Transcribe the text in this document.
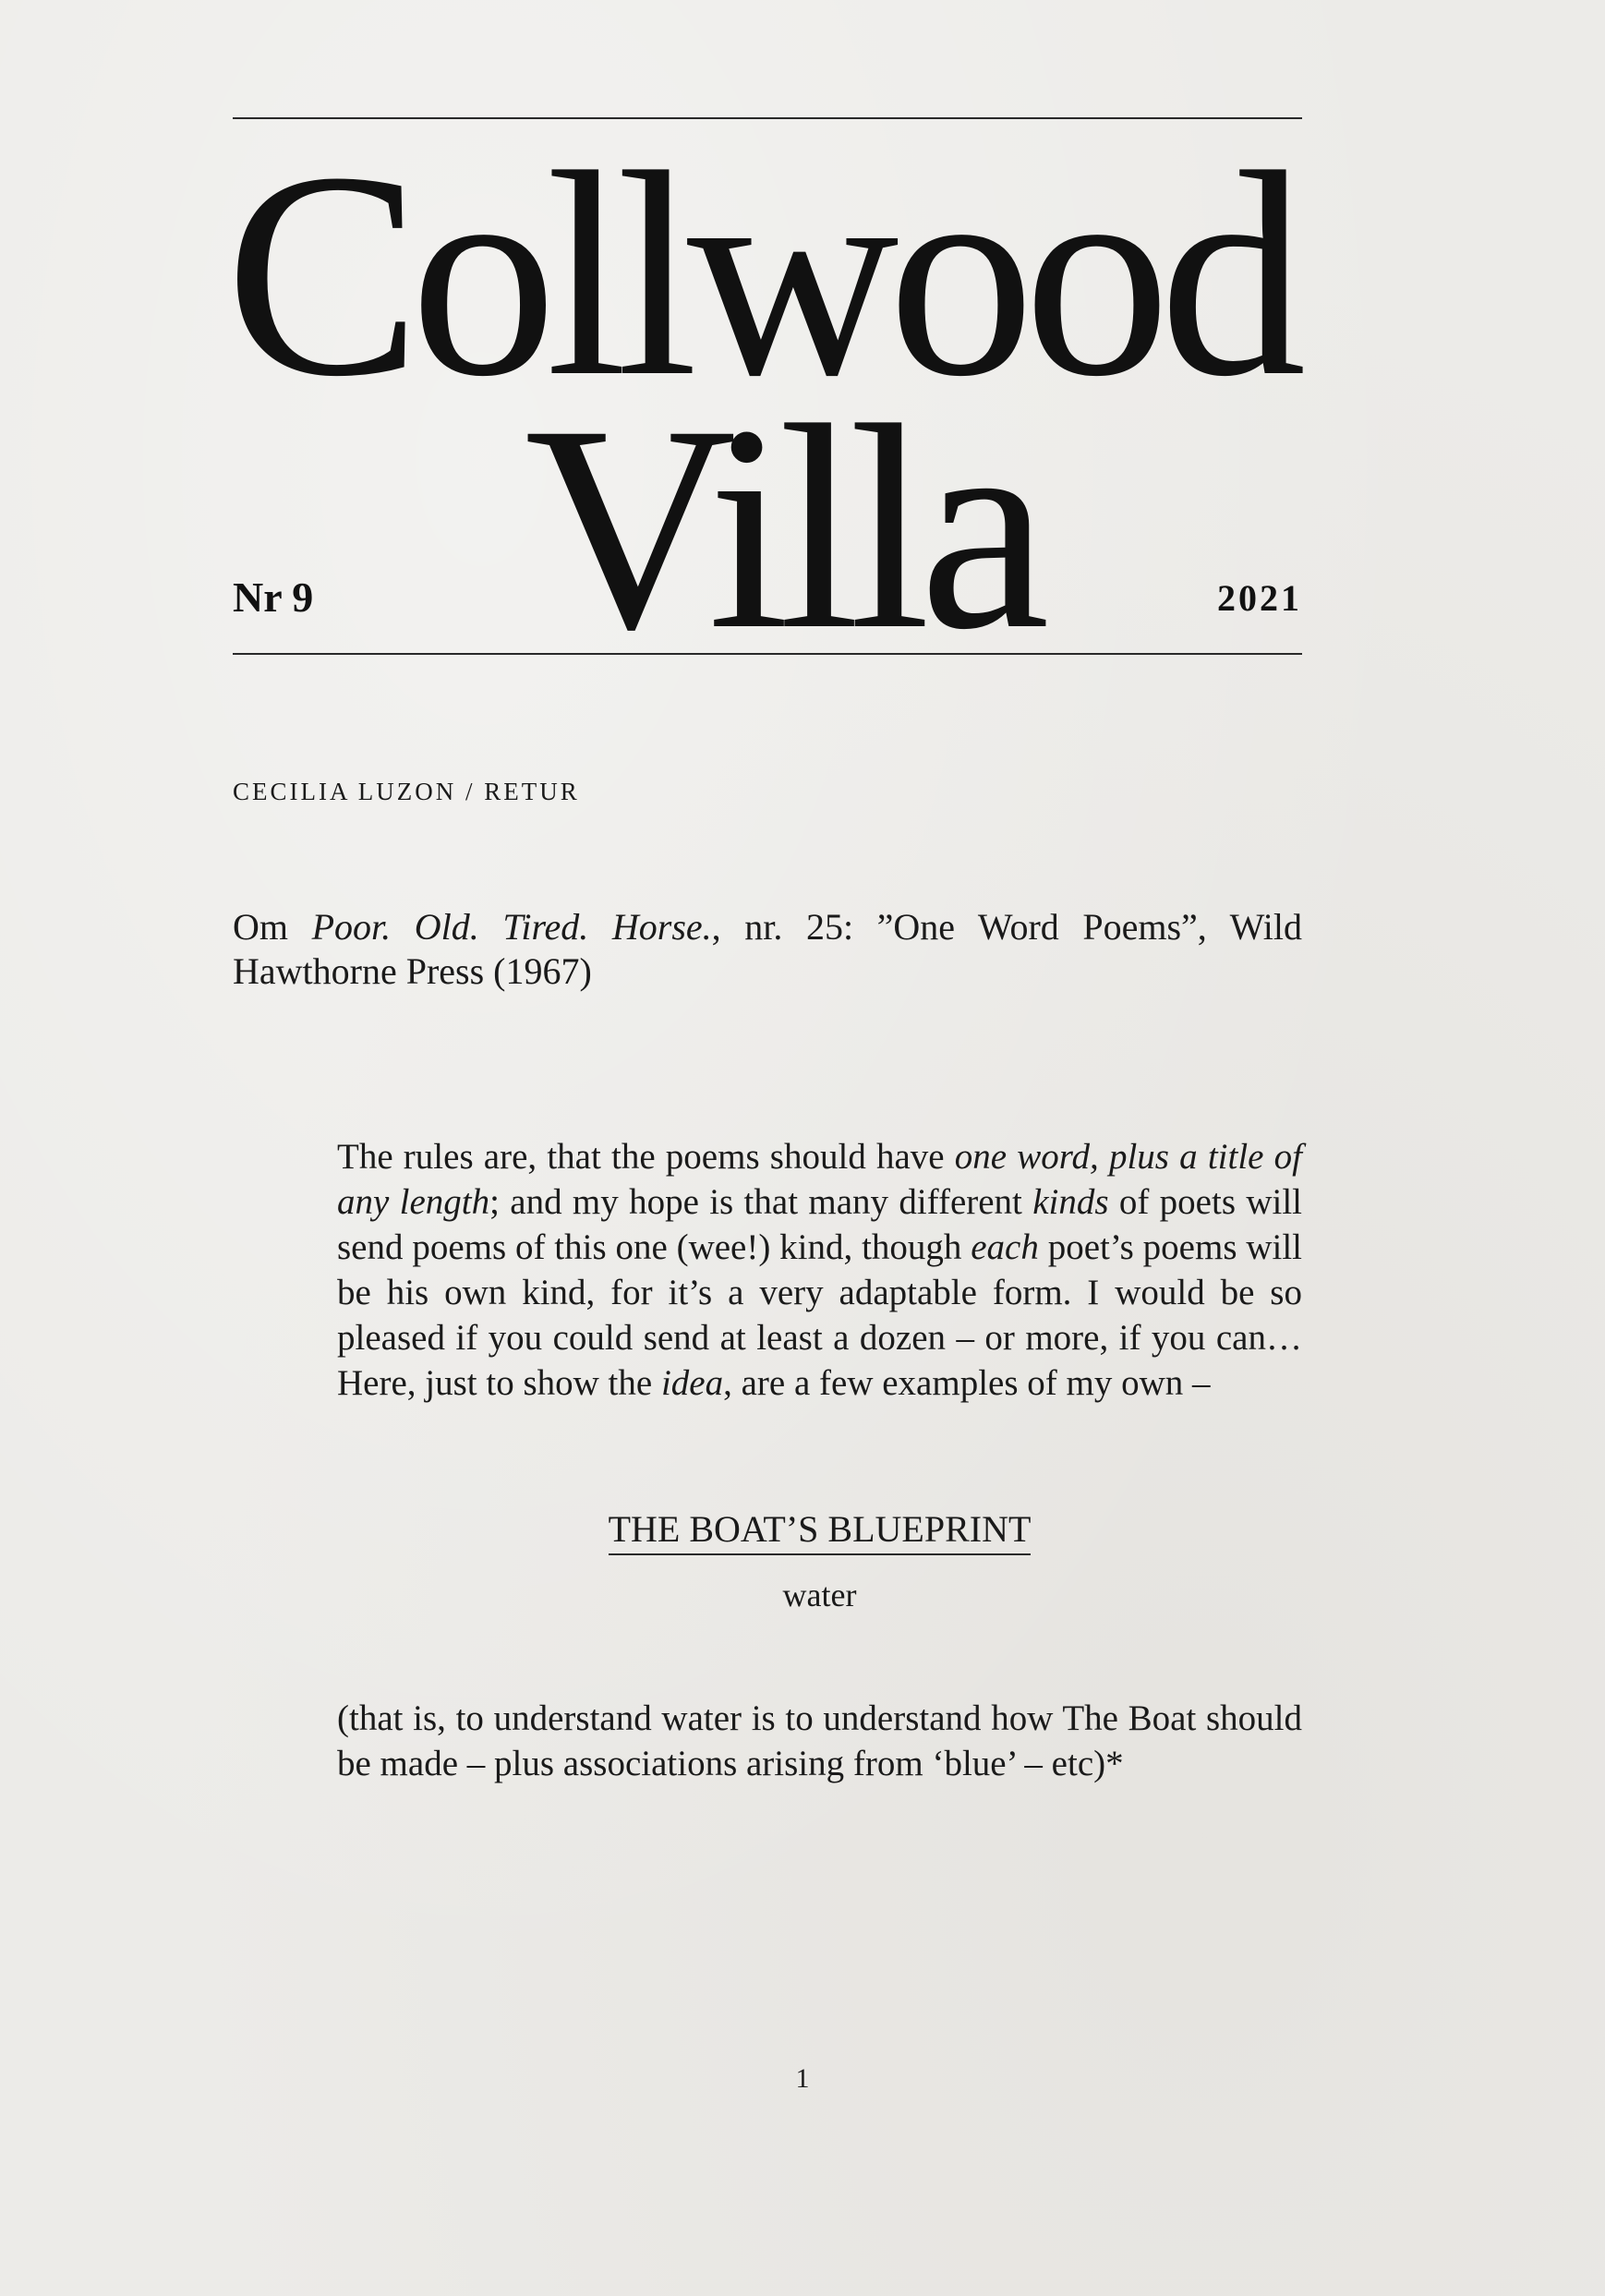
Collwood
Villa
Nr 9	2021
CECILIA LUZON / RETUR
Om Poor. Old. Tired. Horse., nr. 25: ”One Word Poems”, Wild Hawthorne Press (1967)
The rules are, that the poems should have one word, plus a title of any length; and my hope is that many different kinds of poets will send poems of this one (wee!) kind, though each poet’s poems will be his own kind, for it’s a very adaptable form. I would be so pleased if you could send at least a dozen – or more, if you can… Here, just to show the idea, are a few examples of my own –
THE BOAT’S BLUEPRINT
water
(that is, to understand water is to understand how The Boat should be made – plus associations arising from ‘blue’ – etc)*
1
